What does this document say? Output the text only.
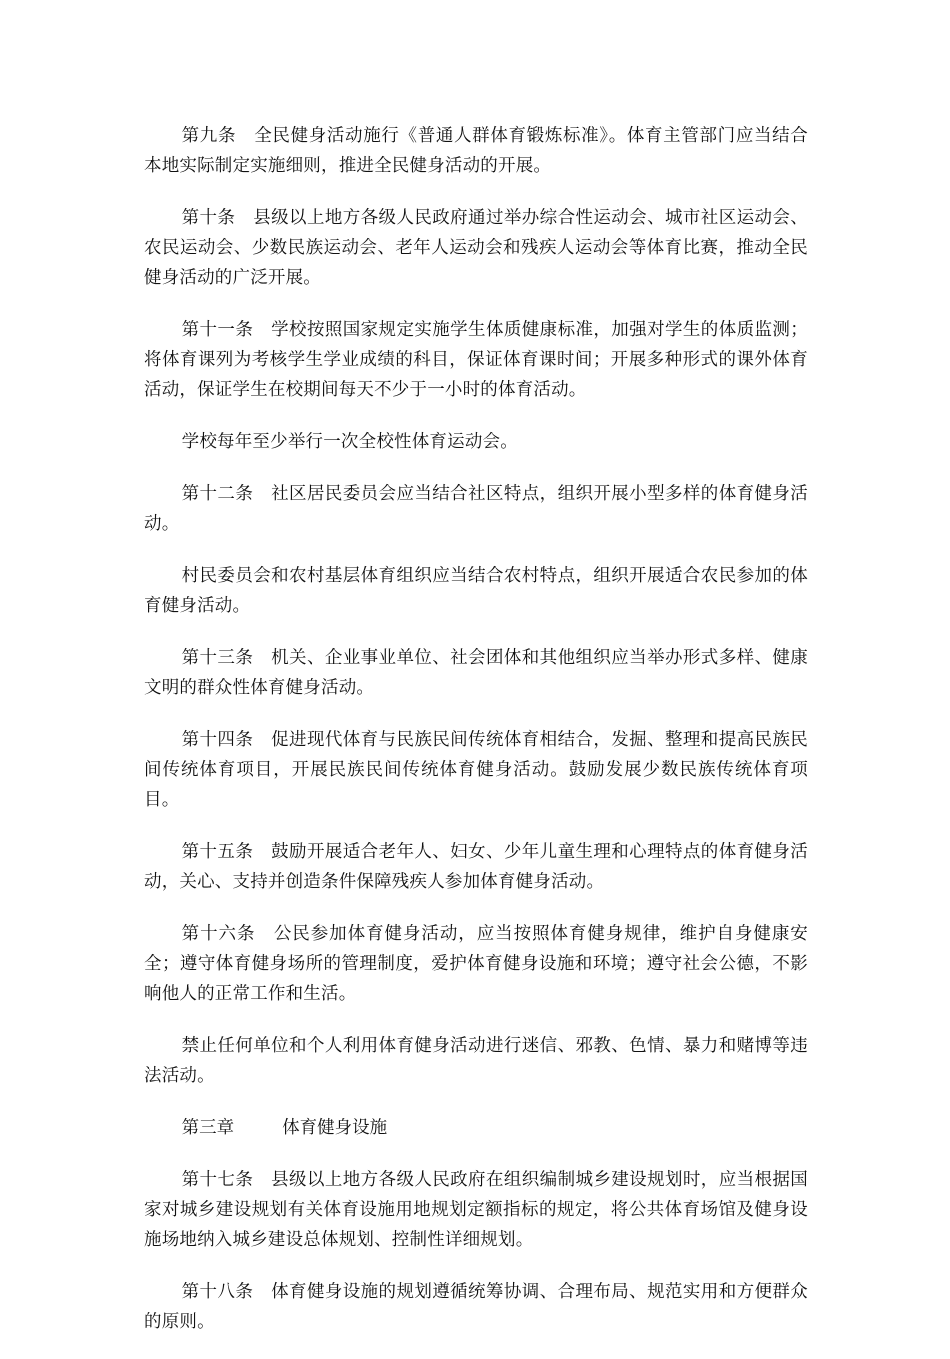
第九条　全民健身活动施行《普通人群体育锻炼标准》。体育主管部门应当结合本地实际制定实施细则，推进全民健身活动的开展。

第十条　县级以上地方各级人民政府通过举办综合性运动会、城市社区运动会、农民运动会、少数民族运动会、老年人运动会和残疾人运动会等体育比赛，推动全民健身活动的广泛开展。

第十一条　学校按照国家规定实施学生体质健康标准，加强对学生的体质监测；将体育课列为考核学生学业成绩的科目，保证体育课时间；开展多种形式的课外体育活动，保证学生在校期间每天不少于一小时的体育活动。

学校每年至少举行一次全校性体育运动会。

第十二条　社区居民委员会应当结合社区特点，组织开展小型多样的体育健身活动。

村民委员会和农村基层体育组织应当结合农村特点，组织开展适合农民参加的体育健身活动。

第十三条　机关、企业事业单位、社会团体和其他组织应当举办形式多样、健康文明的群众性体育健身活动。

第十四条　促进现代体育与民族民间传统体育相结合，发掘、整理和提高民族民间传统体育项目，开展民族民间传统体育健身活动。鼓励发展少数民族传统体育项目。

第十五条　鼓励开展适合老年人、妇女、少年儿童生理和心理特点的体育健身活动，关心、支持并创造条件保障残疾人参加体育健身活动。

第十六条　公民参加体育健身活动，应当按照体育健身规律，维护自身健康安全；遵守体育健身场所的管理制度，爱护体育健身设施和环境；遵守社会公德，不影响他人的正常工作和生活。

禁止任何单位和个人利用体育健身活动进行迷信、邪教、色情、暴力和赌博等违法活动。

第三章	体育健身设施

第十七条　县级以上地方各级人民政府在组织编制城乡建设规划时，应当根据国家对城乡建设规划有关体育设施用地规划定额指标的规定，将公共体育场馆及健身设施场地纳入城乡建设总体规划、控制性详细规划。

第十八条　体育健身设施的规划遵循统筹协调、合理布局、规范实用和方便群众的原则。
